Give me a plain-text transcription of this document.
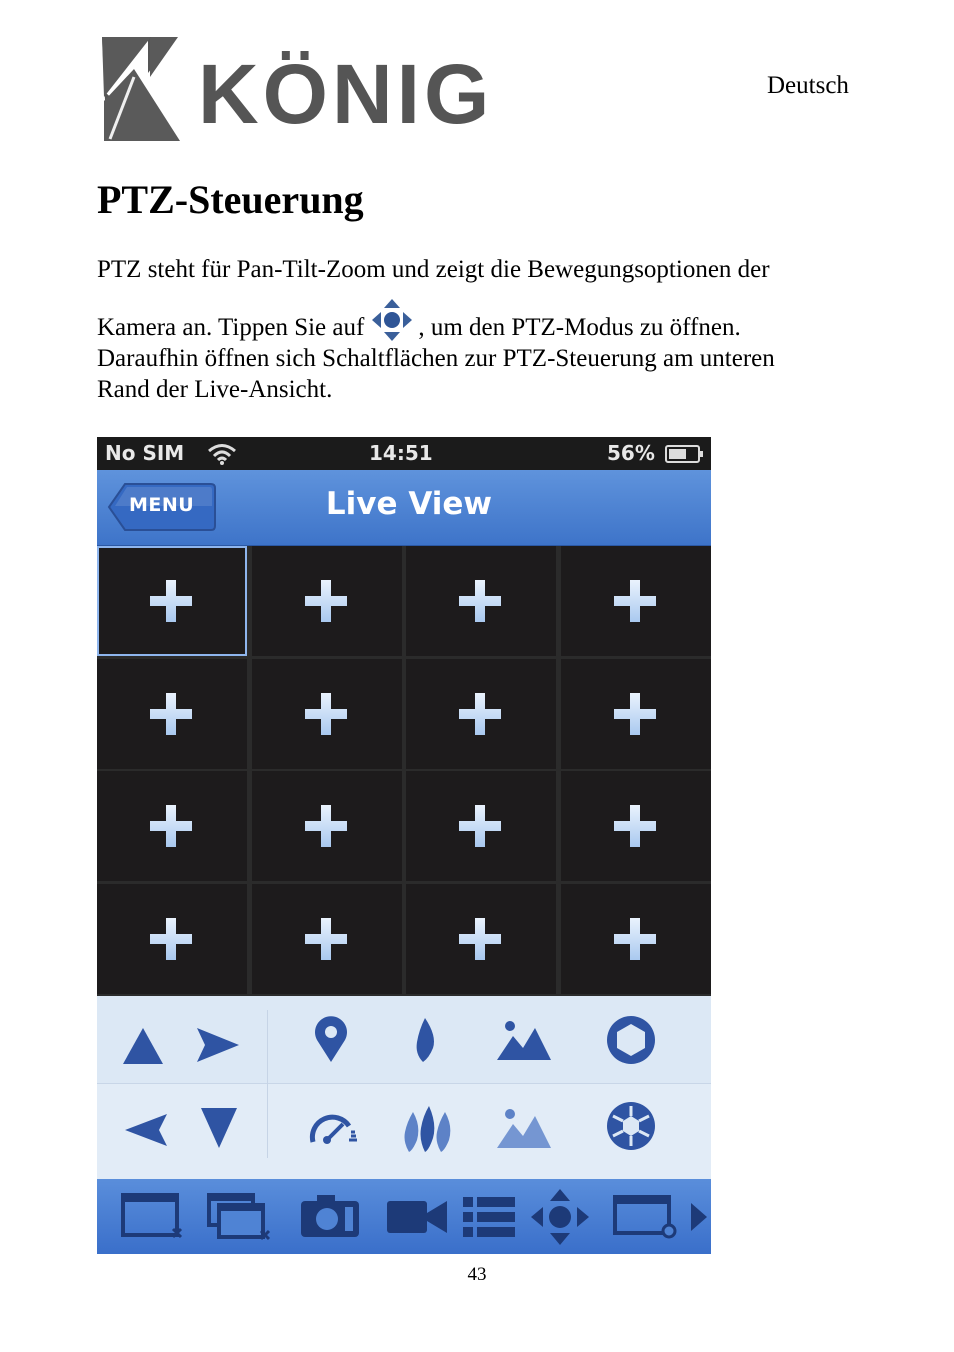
KÖNIG	Deutsch
PTZ-Steuerung

PTZ steht für Pan-Tilt-Zoom und zeigt die Bewegungsoptionen der

Kamera an. Tippen Sie auf , um den PTZ-Modus zu öffnen.

Daraufhin öffnen sich Schaltflächen zur PTZ-Steuerung am unteren

Rand der Live-Ansicht.

No SIM	14:51	56%
MENU	Live View
43
